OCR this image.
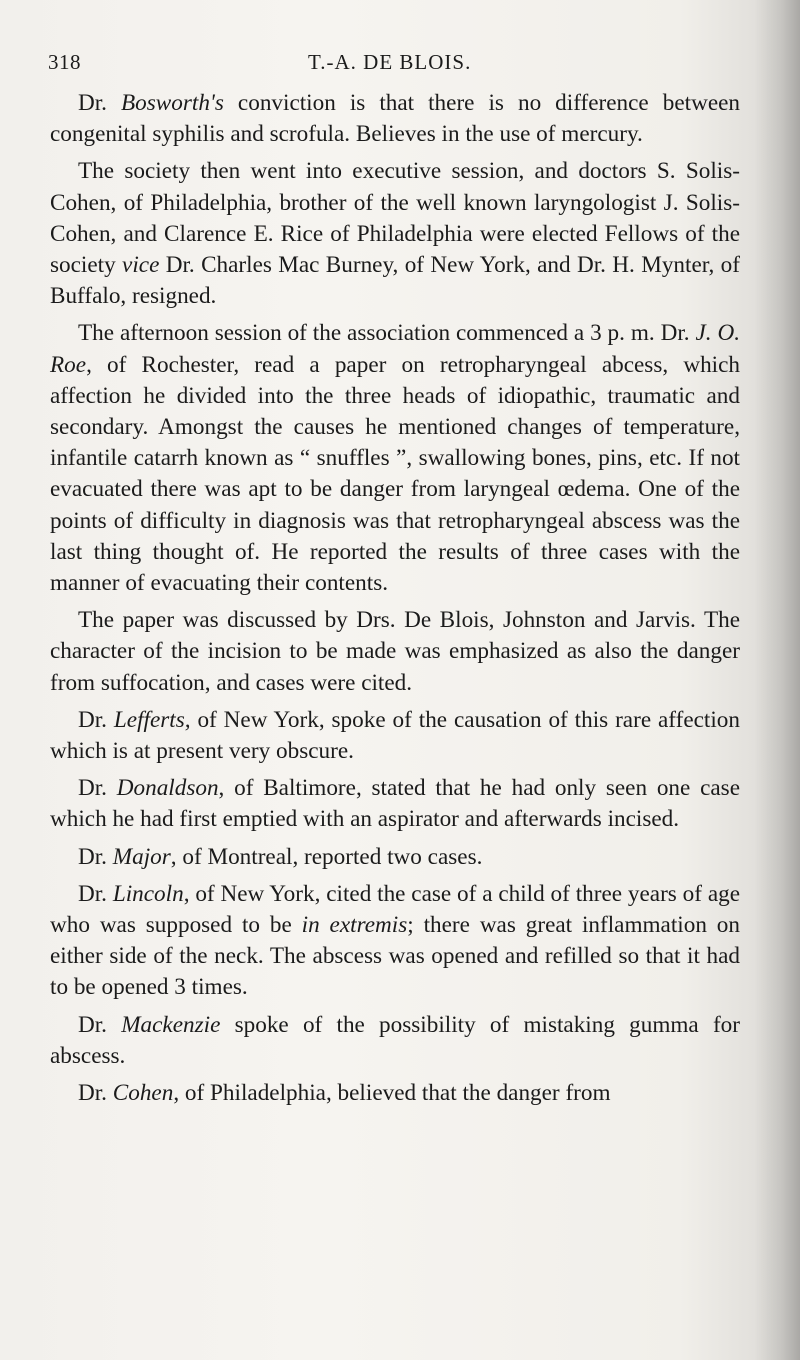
318	T.-A. DE BLOIS.

Dr. Bosworth's conviction is that there is no difference between congenital syphilis and scrofula. Believes in the use of mercury.

The society then went into executive session, and doctors S. Solis-Cohen, of Philadelphia, brother of the well known laryngologist J. Solis-Cohen, and Clarence E. Rice of Philadelphia were elected Fellows of the society vice Dr. Charles Mac Burney, of New York, and Dr. H. Mynter, of Buffalo, resigned.

The afternoon session of the association commenced a 3 p. m. Dr. J. O. Roe, of Rochester, read a paper on retropharyngeal abcess, which affection he divided into the three heads of idiopathic, traumatic and secondary. Amongst the causes he mentioned changes of temperature, infantile catarrh known as “ snuffles ”, swallowing bones, pins, etc. If not evacuated there was apt to be danger from laryngeal œdema. One of the points of difficulty in diagnosis was that retropharyngeal abscess was the last thing thought of. He reported the results of three cases with the manner of evacuating their contents.

The paper was discussed by Drs. De Blois, Johnston and Jarvis. The character of the incision to be made was emphasized as also the danger from suffocation, and cases were cited.

Dr. Lefferts, of New York, spoke of the causation of this rare affection which is at present very obscure.

Dr. Donaldson, of Baltimore, stated that he had only seen one case which he had first emptied with an aspirator and afterwards incised.

Dr. Major, of Montreal, reported two cases.

Dr. Lincoln, of New York, cited the case of a child of three years of age who was supposed to be in extremis; there was great inflammation on either side of the neck. The abscess was opened and refilled so that it had to be opened 3 times.

Dr. Mackenzie spoke of the possibility of mistaking gumma for abscess.

Dr. Cohen, of Philadelphia, believed that the danger from
